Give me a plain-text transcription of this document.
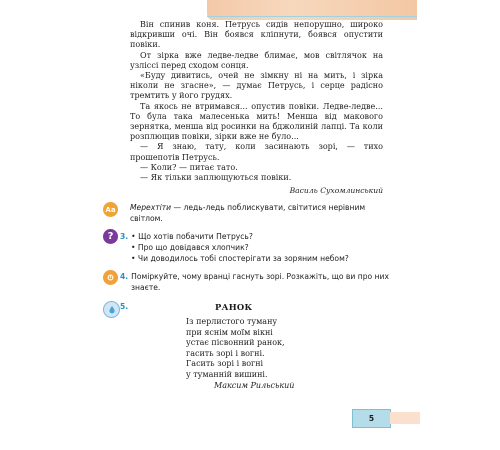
Він спинив коня. Петрусь сидів непорушно, широко відкривши очі. Він боявся кліпнути, боявся опустити повіки.

От зірка вже ледве-ледве блимає, мов світлячок на узліссі перед сходом сонця.

«Буду дивитись, очей не зімкну ні на мить, і зірка ніколи не згасне», — думає Петрусь, і серце радісно тремтить у його грудях.

Та якось не втримався... опустив повіки. Ледве-ледве... То була така малесенька мить! Менша від макового зернятка, менша від росинки на бджолиній лапці. Та коли розплющив повіки, зірки вже не було...

— Я знаю, тату, коли засинають зорі, — тихо прошепотів Петрусь.

— Коли? — питає тато.

— Як тільки заплющуються повіки.

Василь Сухомлинський
Aa	Мерехтіти — ледь-ледь поблискувати, світитися нерівним світлом.
? 3. • Що хотів побачити Петрусь?
• Про що довідався хлопчик?
• Чи доводилось тобі спостерігати за зоряним небом?
4. Поміркуйте, чому вранці гаснуть зорі. Розкажіть, що ви про них
знаєте.
5.	РАНОК
Із перлистого туману
при яснім моїм вікні
устає пісвонний ранок,
гасить зорі і вогні.
Гасить зорі і вогні
у туманній вишині.
Максим Рильський
5
